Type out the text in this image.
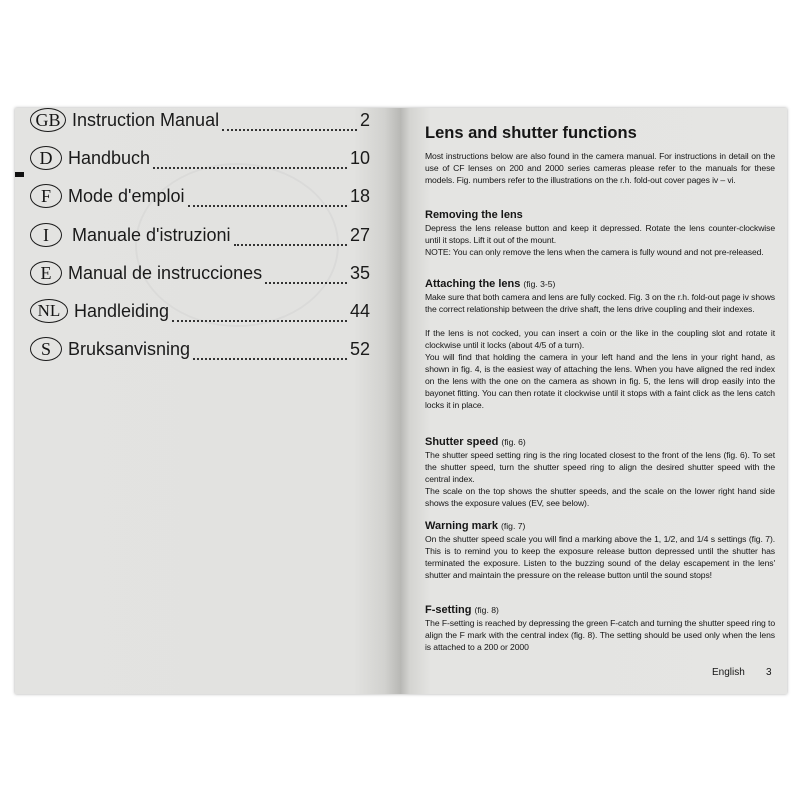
GB Instruction Manual	2
D Handbuch	10
F Mode d'emploi	18
I	Manuale d'istruzioni	27
E Manual de instrucciones	35
NL Handleiding	44
S Bruksanvisning	52
Lens and shutter functions
Most instructions below are also found in the camera manual. For instructions in detail on the use of CF lenses on 200 and 2000 series cameras please refer to the manuals for these models. Fig. numbers refer to the illustrations on the r.h. fold-out cover pages iv – vi.
Removing the lens
Depress the lens release button and keep it depressed. Rotate the lens counter-clockwise until it stops. Lift it out of the mount.
NOTE: You can only remove the lens when the camera is fully wound and not pre-released.
Attaching the lens (fig. 3-5)
Make sure that both camera and lens are fully cocked. Fig. 3 on the r.h. fold-out page iv shows the correct relationship between the drive shaft, the lens drive coupling and their indexes.
If the lens is not cocked, you can insert a coin or the like in the coupling slot and rotate it clockwise until it locks (about 4/5 of a turn).
You will find that holding the camera in your left hand and the lens in your right hand, as shown in fig. 4, is the easiest way of attaching the lens. When you have aligned the red index on the lens with the one on the camera as shown in fig. 5, the lens will drop easily into the bayonet fitting. You can then rotate it clockwise until it stops with a faint click as the lens catch locks it in place.
Shutter speed (fig. 6)
The shutter speed setting ring is the ring located closest to the front of the lens (fig. 6). To set the shutter speed, turn the shutter speed ring to align the desired shutter speed with the central index.
The scale on the top shows the shutter speeds, and the scale on the lower right hand side shows the exposure values (EV, see below).
Warning mark (fig. 7)
On the shutter speed scale you will find a marking above the 1, 1/2, and 1/4 s settings (fig. 7). This is to remind you to keep the exposure release button depressed until the shutter has terminated the exposure. Listen to the buzzing sound of the delay escapement in the lens' shutter and maintain the pressure on the release button until the sound stops!
F-setting (fig. 8)
The F-setting is reached by depressing the green F-catch and turning the shutter speed ring to align the F mark with the central index (fig. 8). The setting should be used only when the lens is attached to a 200 or 2000
English 3
